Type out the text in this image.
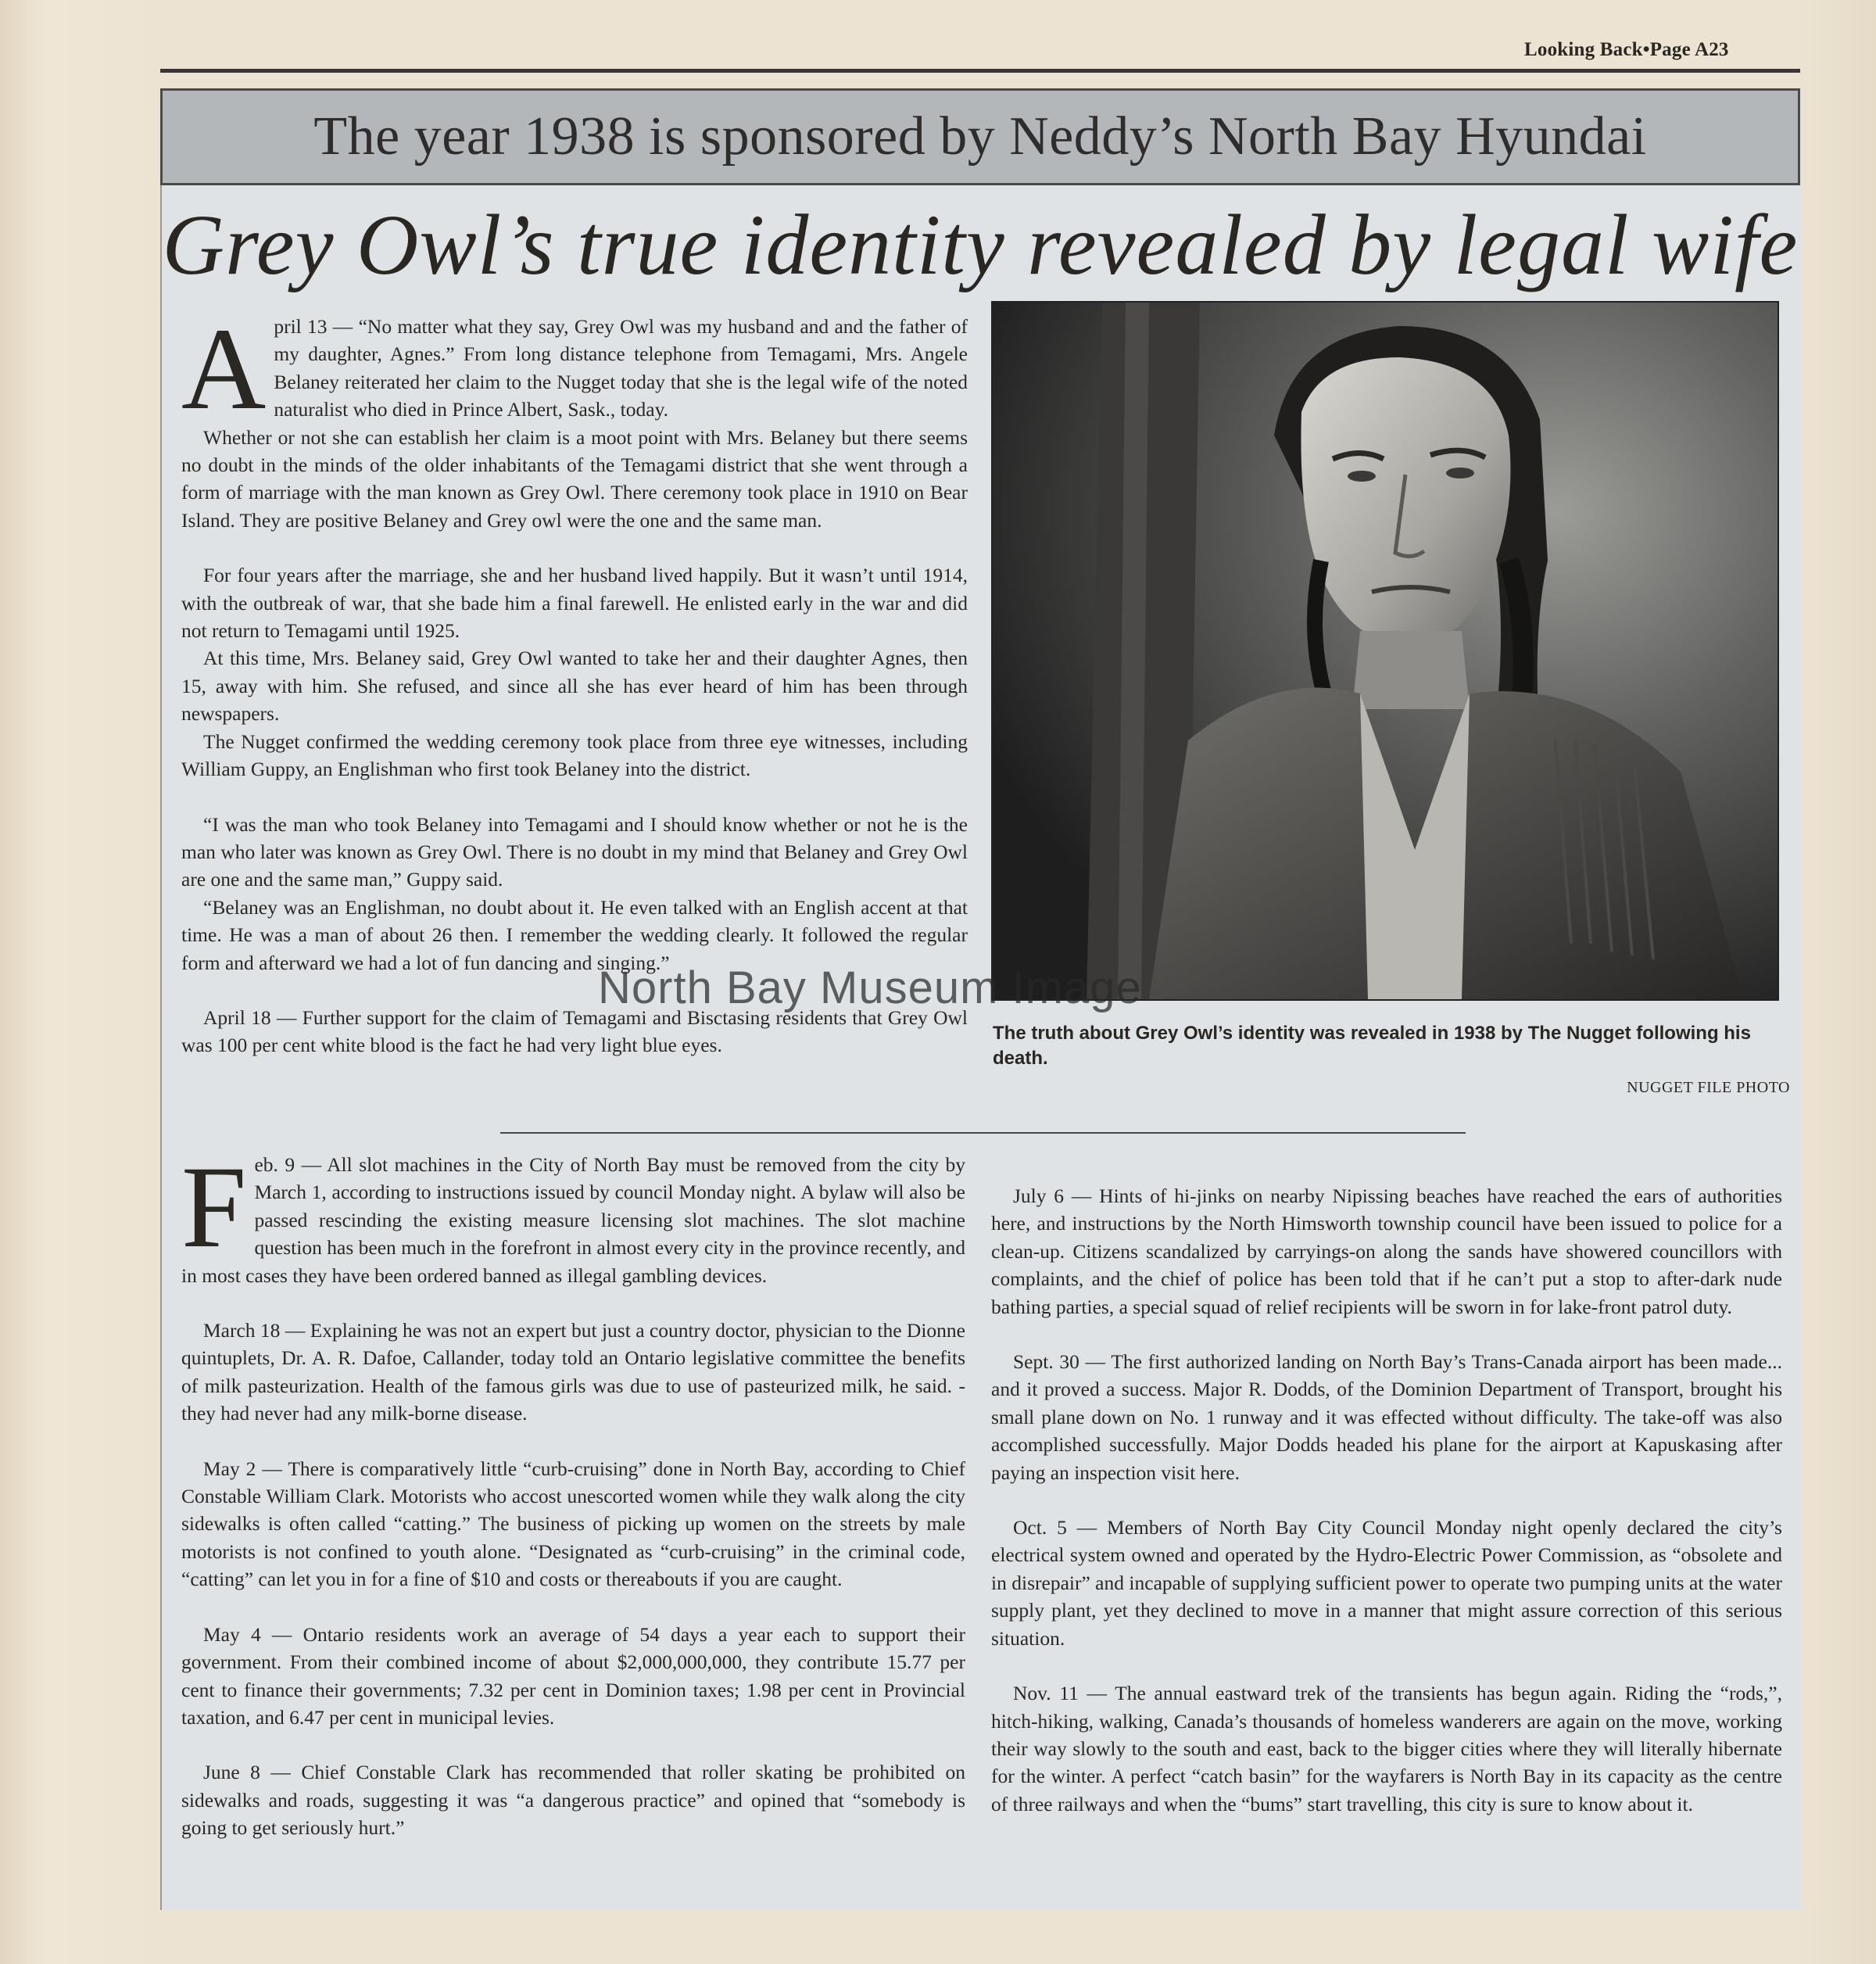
Looking Back•Page A23
The year 1938 is sponsored by Neddy’s North Bay Hyundai
Grey Owl’s true identity revealed by legal wife

April 13 — “No matter what they say, Grey Owl was my husband and and the father of my daughter, Agnes.” From long distance telephone from Temagami, Mrs. Angele Belaney reiterated her claim to the Nugget today that she is the legal wife of the noted naturalist who died in Prince Albert, Sask., today.

Whether or not she can establish her claim is a moot point with Mrs. Belaney but there seems no doubt in the minds of the older inhabitants of the Temagami district that she went through a form of marriage with the man known as Grey Owl. There ceremony took place in 1910 on Bear Island. They are positive Belaney and Grey owl were the one and the same man.

For four years after the marriage, she and her husband lived happily. But it wasn’t until 1914, with the outbreak of war, that she bade him a final farewell. He enlisted early in the war and did not return to Temagami until 1925.

At this time, Mrs. Belaney said, Grey Owl wanted to take her and their daughter Agnes, then 15, away with him. She refused, and since all she has ever heard of him has been through newspapers.

The Nugget confirmed the wedding ceremony took place from three eye witnesses, including William Guppy, an Englishman who first took Belaney into the district.

“I was the man who took Belaney into Temagami and I should know whether or not he is the man who later was known as Grey Owl. There is no doubt in my mind that Belaney and Grey Owl are one and the same man,” Guppy said.

“Belaney was an Englishman, no doubt about it. He even talked with an English accent at that time. He was a man of about 26 then. I remember the wedding clearly. It followed the regular form and afterward we had a lot of fun dancing and singing.”

April 18 — Further support for the claim of Temagami and Bisctasing residents that Grey Owl was 100 per cent white blood is the fact he had very light blue eyes.

North Bay Museum Image
The truth about Grey Owl’s identity was revealed in 1938 by The Nugget following his death.
NUGGET FILE PHOTO

Feb. 9 — All slot machines in the City of North Bay must be removed from the city by March 1, according to instructions issued by council Monday night. A bylaw will also be passed rescinding the existing measure licensing slot machines. The slot machine question has been much in the forefront in almost every city in the province recently, and in most cases they have been ordered banned as illegal gambling devices.

March 18 — Explaining he was not an expert but just a country doctor, physician to the Dionne quintuplets, Dr. A. R. Dafoe, Callander, today told an Ontario legislative committee the benefits of milk pasteurization. Health of the famous girls was due to use of pasteurized milk, he said. - they had never had any milk-borne disease.

May 2 — There is comparatively little “curb-cruising” done in North Bay, according to Chief Constable William Clark. Motorists who accost unescorted women while they walk along the city sidewalks is often called “catting.” The business of picking up women on the streets by male motorists is not confined to youth alone. “Designated as “curb-cruising” in the criminal code, “catting” can let you in for a fine of $10 and costs or thereabouts if you are caught.

May 4 — Ontario residents work an average of 54 days a year each to support their government. From their combined income of about $2,000,000,000, they contribute 15.77 per cent to finance their governments; 7.32 per cent in Dominion taxes; 1.98 per cent in Provincial taxation, and 6.47 per cent in municipal levies.

June 8 — Chief Constable Clark has recommended that roller skating be prohibited on sidewalks and roads, suggesting it was “a dangerous practice” and opined that “somebody is going to get seriously hurt.”

July 6 — Hints of hi-jinks on nearby Nipissing beaches have reached the ears of authorities here, and instructions by the North Himsworth township council have been issued to police for a clean-up. Citizens scandalized by carryings-on along the sands have showered councillors with complaints, and the chief of police has been told that if he can’t put a stop to after-dark nude bathing parties, a special squad of relief recipients will be sworn in for lake-front patrol duty.

Sept. 30 — The first authorized landing on North Bay’s Trans-Canada airport has been made... and it proved a success. Major R. Dodds, of the Dominion Department of Transport, brought his small plane down on No. 1 runway and it was effected without difficulty. The take-off was also accomplished successfully. Major Dodds headed his plane for the airport at Kapuskasing after paying an inspection visit here.

Oct. 5 — Members of North Bay City Council Monday night openly declared the city’s electrical system owned and operated by the Hydro-Electric Power Commission, as “obsolete and in disrepair” and incapable of supplying sufficient power to operate two pumping units at the water supply plant, yet they declined to move in a manner that might assure correction of this serious situation.

Nov. 11 — The annual eastward trek of the transients has begun again. Riding the “rods,”, hitch-hiking, walking, Canada’s thousands of homeless wanderers are again on the move, working their way slowly to the south and east, back to the bigger cities where they will literally hibernate for the winter. A perfect “catch basin” for the wayfarers is North Bay in its capacity as the centre of three railways and when the “bums” start travelling, this city is sure to know about it.
